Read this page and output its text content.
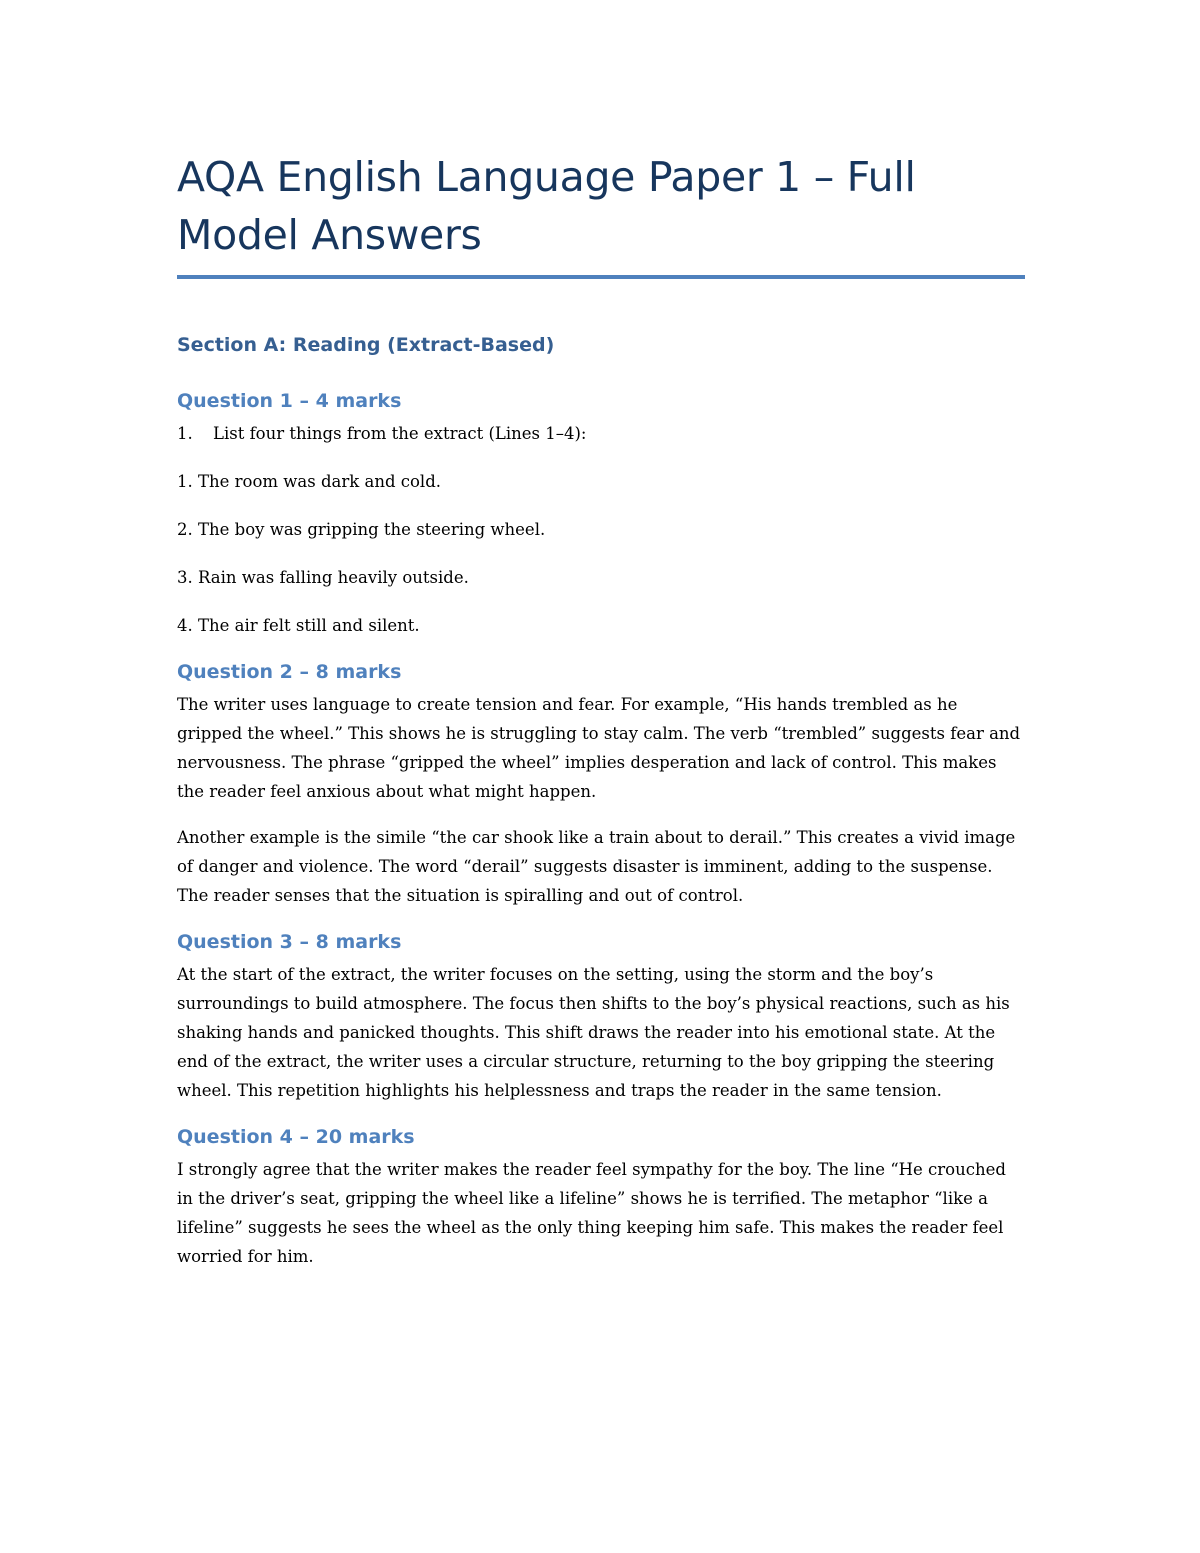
AQA English Language Paper 1 – Full Model Answers
Section A: Reading (Extract-Based)
Question 1 – 4 marks
1.	List four things from the extract (Lines 1–4):

1. The room was dark and cold.

2. The boy was gripping the steering wheel.

3. Rain was falling heavily outside.

4. The air felt still and silent.

Question 2 – 8 marks

The writer uses language to create tension and fear. For example, “His hands trembled as he gripped the wheel.” This shows he is struggling to stay calm. The verb “trembled” suggests fear and nervousness. The phrase “gripped the wheel” implies desperation and lack of control. This makes the reader feel anxious about what might happen.

Another example is the simile “the car shook like a train about to derail.” This creates a vivid image of danger and violence. The word “derail” suggests disaster is imminent, adding to the suspense. The reader senses that the situation is spiralling and out of control.

Question 3 – 8 marks

At the start of the extract, the writer focuses on the setting, using the storm and the boy’s surroundings to build atmosphere. The focus then shifts to the boy’s physical reactions, such as his shaking hands and panicked thoughts. This shift draws the reader into his emotional state. At the end of the extract, the writer uses a circular structure, returning to the boy gripping the steering wheel. This repetition highlights his helplessness and traps the reader in the same tension.

Question 4 – 20 marks

I strongly agree that the writer makes the reader feel sympathy for the boy. The line “He crouched in the driver’s seat, gripping the wheel like a lifeline” shows he is terrified. The metaphor “like a lifeline” suggests he sees the wheel as the only thing keeping him safe. This makes the reader feel worried for him.
